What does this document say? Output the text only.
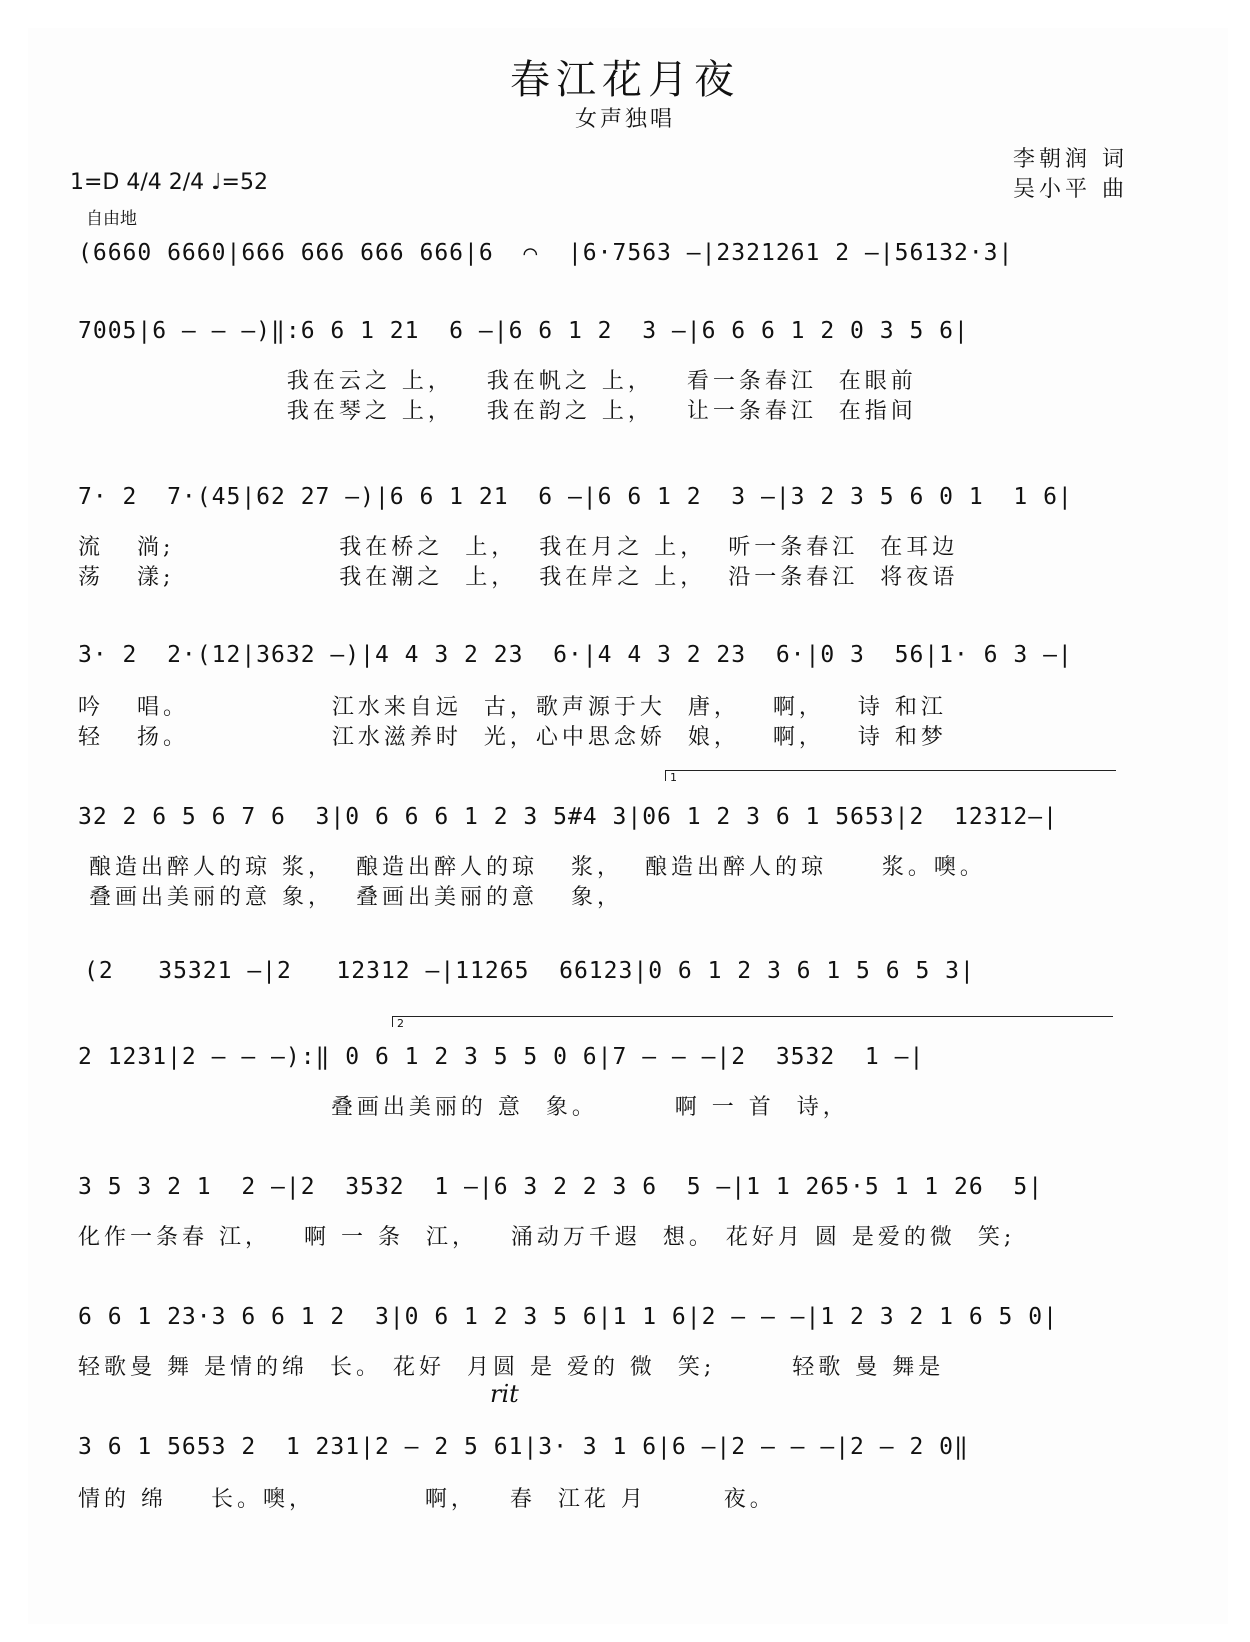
春江花月夜
女声独唱
李朝润 词
吴小平 曲
1=D 4/4 2/4 ♩=52
自由地
(6660 6660|666 666 666 666|6  ⌒  |6·7563 —|2321261 2 —|56132·3|
7005|6 — — —)‖:6 6 1 21  6 —|6 6 1 2  3 —|6 6 6 1 2 0 3 5 6|
我在云之 上，   我在帆之 上，   看一条春江  在眼前
我在琴之 上，   我在韵之 上，   让一条春江  在指间
7· 2  7·(45|62 27 —)|6 6 1 21  6 —|6 6 1 2  3 —|3 2 3 5 6 0 1  1 6|
流   淌;               我在桥之  上，  我在月之 上，  听一条春江  在耳边
荡   漾;               我在潮之  上，  我在岸之 上，  沿一条春江  将夜语
3· 2  2·(12|3632 —)|4 4 3 2 23  6·|4 4 3 2 23  6·|0 3  56|1· 6 3 —|
吟   唱。             江水来自远  古，歌声源于大  唐，   啊，   诗 和江
轻   扬。             江水滋养时  光，心中思念娇  娘，   啊，   诗 和梦
1
32 2 6 5 6 7 6  3|0 6 6 6 1 2 3 5#4 3|06 1 2 3 6 1 5653|2  12312—|
酿造出醉人的琼 浆，  酿造出醉人的琼   浆，  酿造出醉人的琼     浆。噢。
叠画出美丽的意 象，  叠画出美丽的意   象，
(2   35321 —|2   12312 —|11265  66123|0 6 1 2 3 6 1 5 6 5 3|
2
2 1231|2 — — —):‖ 0 6 1 2 3 5 5 0 6|7 — — —|2  3532  1 —|
叠画出美丽的 意  象。       啊 一 首  诗，
3 5 3 2 1  2 —|2  3532  1 —|6 3 2 2 3 6  5 —|1 1 265·5 1 1 26  5|
化作一条春 江，   啊 一 条  江，   涌动万千遐  想。 花好月 圆 是爱的微  笑;
6 6 1 23·3 6 6 1 2  3|0 6 1 2 3 5 6|1 1 6|2 — — —|1 2 3 2 1 6 5 0|
轻歌曼 舞 是情的绵  长。 花好  月圆 是 爱的 微  笑;       轻歌 曼 舞是
rit
3 6 1 5653 2  1 231|2 — 2 5 61|3· 3 1 6|6 —|2 — — —|2 — 2 0‖
情的 绵    长。噢，          啊，   春  江花 月       夜。
